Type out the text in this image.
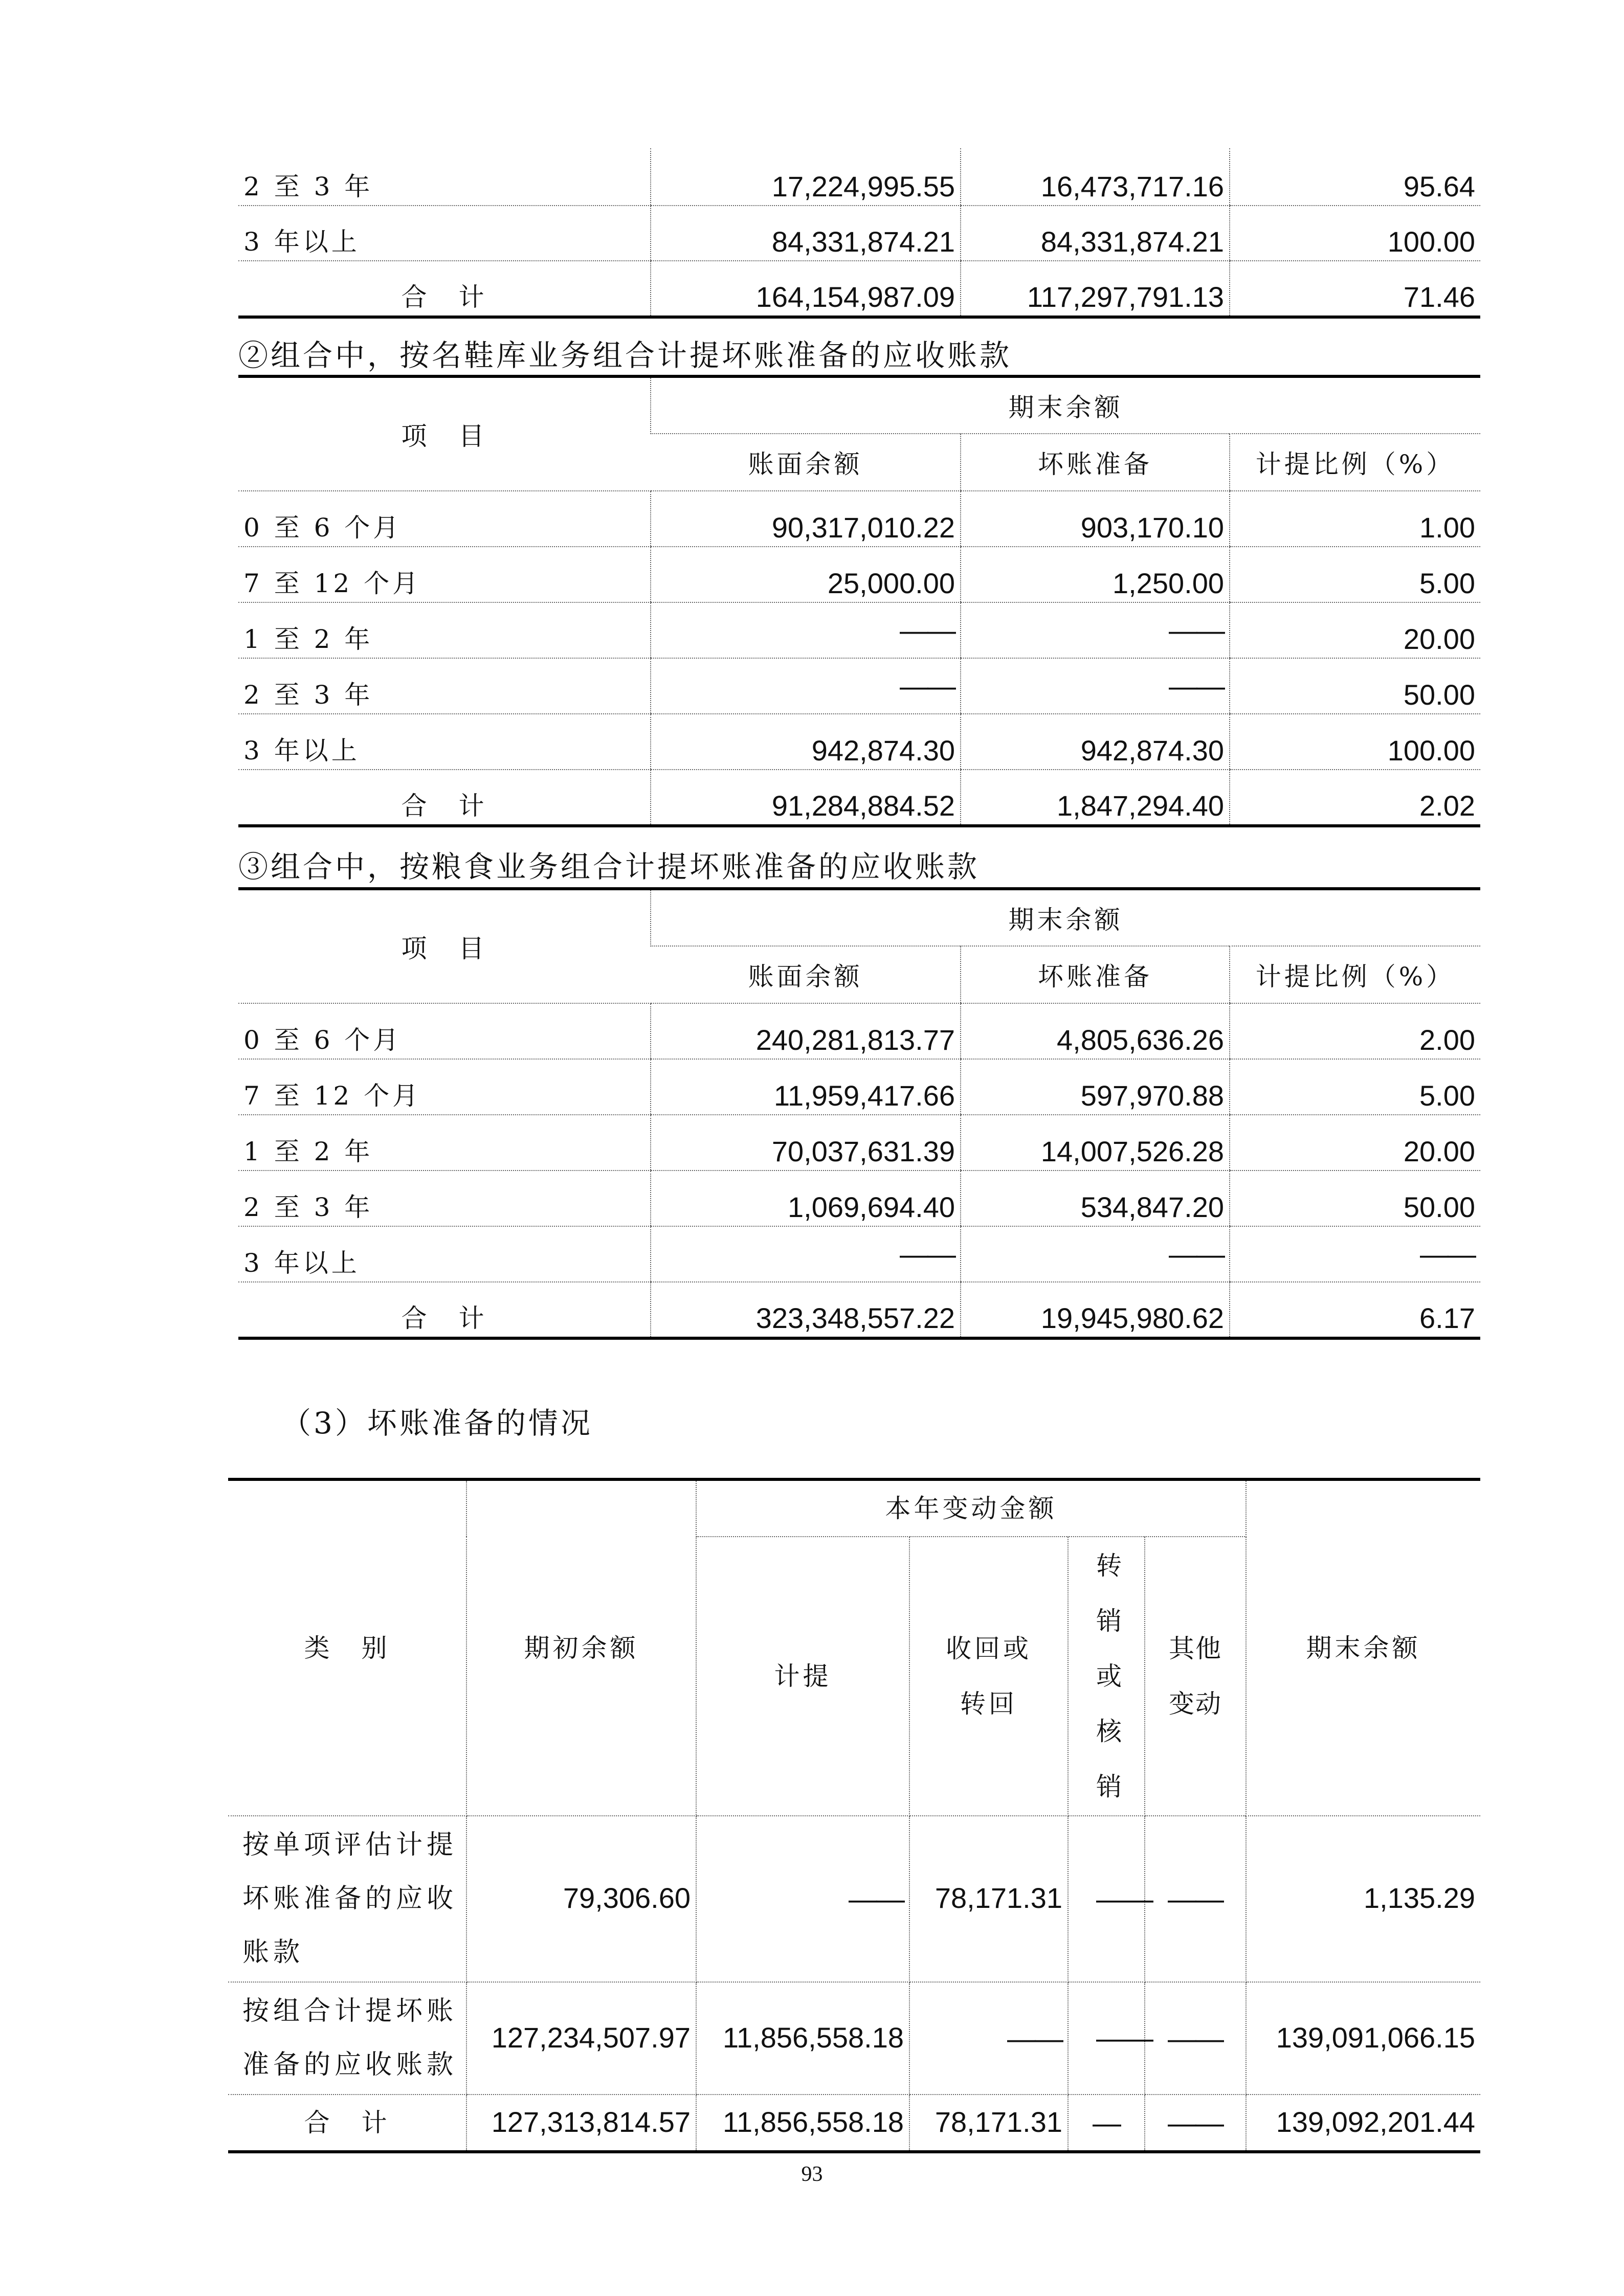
2 至 3 年	17,224,995.55	16,473,717.16	95.64
3 年以上	84,331,874.21	84,331,874.21	100.00
合　计	164,154,987.09	117,297,791.13	71.46
②组合中，按名鞋库业务组合计提坏账准备的应收账款
项　目	期末余额		
	账面余额	坏账准备	计提比例（%）
0 至 6 个月	90,317,010.22	903,170.10	1.00
7 至 12 个月	25,000.00	1,250.00	5.00
1 至 2 年	——	——	20.00
2 至 3 年	——	——	50.00
3 年以上	942,874.30	942,874.30	100.00
合　计	91,284,884.52	1,847,294.40	2.02
③组合中，按粮食业务组合计提坏账准备的应收账款
项　目	期末余额		
	账面余额	坏账准备	计提比例（%）
0 至 6 个月	240,281,813.77	4,805,636.26	2.00
7 至 12 个月	11,959,417.66	597,970.88	5.00
1 至 2 年	70,037,631.39	14,007,526.28	20.00
2 至 3 年	1,069,694.40	534,847.20	50.00
3 年以上	——	——	——
合　计	323,348,557.22	19,945,980.62	6.17
（3）坏账准备的情况
类　别	期初余额	本年变动金额				期末余额
		计提	收回或转回	转销或核销	其他变动	

按单项评估计提坏账准备的应收账款	79,306.60	——	78,171.31	——	——	1,135.29
按组合计提坏账准备的应收账款	127,234,507.97	11,856,558.18	——	——	——	139,091,066.15
合　计	127,313,814.57	11,856,558.18	78,171.31	—	——	139,092,201.44
93
